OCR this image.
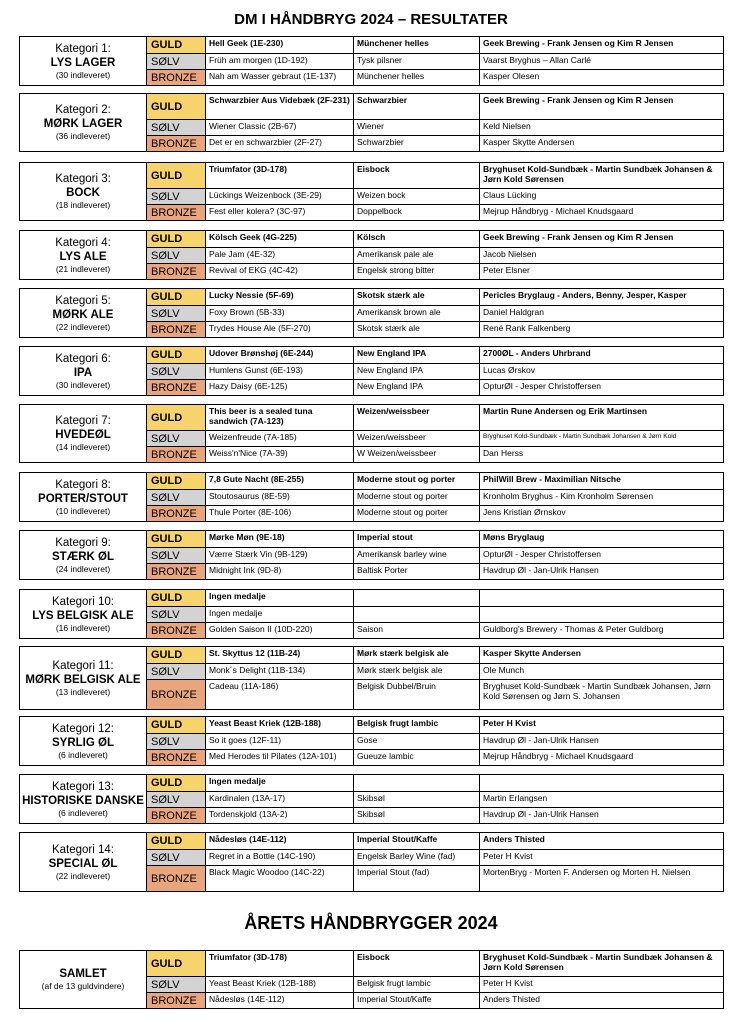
DM I HÅNDBRYG 2024 – RESULTATER
Kategori 1:
LYS LAGER
(30 indleveret)	GULD	Hell Geek (1E-230)	Münchener helles	Geek Brewing - Frank Jensen og Kim R Jensen
	SØLV	Früh am morgen (1D-192)	Tysk pilsner	Vaarst Bryghus – Allan Carlé
	BRONZE	Nah am Wasser gebraut (1E-137)	Münchener helles	Kasper Olesen
Kategori 2:
MØRK LAGER
(36 indleveret)	GULD	Schwarzbier Aus Videbæk (2F-231)	Schwarzbier	Geek Brewing - Frank Jensen og Kim R Jensen
	SØLV	Wiener Classic (2B-67)	Wiener	Keld Nielsen
	BRONZE	Det er en schwarzbier (2F-27)	Schwarzbier	Kasper Skytte Andersen
Kategori 3:
BOCK
(18 indleveret)	GULD	Triumfator (3D-178)	Eisbock	Bryghuset Kold-Sundbæk - Martin Sundbæk Johansen & Jørn Kold Sørensen
	SØLV	Lückings Weizenbock (3E-29)	Weizen bock	Claus Lücking
	BRONZE	Fest eller kolera? (3C-97)	Doppelbock	Mejrup Håndbryg - Michael Knudsgaard
Kategori 4:
LYS ALE
(21 indleveret)	GULD	Kölsch Geek (4G-225)	Kölsch	Geek Brewing - Frank Jensen og Kim R Jensen
	SØLV	Pale Jam (4E-32)	Amerikansk pale ale	Jacob Nielsen
	BRONZE	Revival of EKG (4C-42)	Engelsk strong bitter	Peter Elsner
Kategori 5:
MØRK ALE
(22 indleveret)	GULD	Lucky Nessie (5F-69)	Skotsk stærk ale	Pericles Bryglaug - Anders, Benny, Jesper, Kasper
	SØLV	Foxy Brown (5B-33)	Amerikansk brown ale	Daniel Haldgran
	BRONZE	Trydes House Ale (5F-270)	Skotsk stærk ale	René Rank Falkenberg
Kategori 6:
IPA
(30 indleveret)	GULD	Udover Brønshøj (6E-244)	New England IPA	2700ØL - Anders Uhrbrand
	SØLV	Humlens Gunst (6E-193)	New England IPA	Lucas Ørskov
	BRONZE	Hazy Daisy (6E-125)	New England IPA	OpturØl - Jesper Christoffersen
Kategori 7:
HVEDEØL
(14 indleveret)	GULD	This beer is a sealed tuna sandwich (7A-123)	Weizen/weissbeer	Martin Rune Andersen og Erik Martinsen
	SØLV	Weizenfreude (7A-185)	Weizen/weissbeer	Bryghuset Kold-Sundbæk - Martin Sundbæk Johansen & Jørn Kold
	BRONZE	Weiss'n'Nice (7A-39)	W Weizen/weissbeer	Dan Herss
Kategori 8:
PORTER/STOUT
(10 indleveret)	GULD	7,8 Gute Nacht (8E-255)	Moderne stout og porter	PhilWill Brew - Maximilian Nitsche
	SØLV	Stoutosaurus (8E-59)	Moderne stout og porter	Kronholm Bryghus - Kim Kronholm Sørensen
	BRONZE	Thule Porter (8E-106)	Moderne stout og porter	Jens Kristian Ørnskov
Kategori 9:
STÆRK ØL
(24 indleveret)	GULD	Mørke Møn (9E-18)	Imperial stout	Møns Bryglaug
	SØLV	Værre Stærk Vin (9B-129)	Amerikansk barley wine	OpturØl - Jesper Christoffersen
	BRONZE	Midnight Ink (9D-8)	Baltisk Porter	Havdrup Øl - Jan-Ulrik Hansen
Kategori 10:
LYS BELGISK ALE
(16 indleveret)	GULD	Ingen medalje		
	SØLV	Ingen medalje		
	BRONZE	Golden Saison II (10D-220)	Saison	Guldborg's Brewery - Thomas & Peter Guldborg
Kategori 11:
MØRK BELGISK ALE
(13 indleveret)	GULD	St. Skyttus 12 (11B-24)	Mørk stærk belgisk ale	Kasper Skytte Andersen
	SØLV	Monk´s Delight (11B-134)	Mørk stærk belgisk ale	Ole Munch
	BRONZE	Cadeau (11A-186)	Belgisk Dubbel/Bruin	Bryghuset Kold-Sundbæk - Martin Sundbæk Johansen, Jørn Kold Sørensen og Jørn S. Johansen
Kategori 12:
SYRLIG ØL
(6 indleveret)	GULD	Yeast Beast Kriek (12B-188)	Belgisk frugt lambic	Peter H Kvist
	SØLV	So it goes (12F-11)	Gose	Havdrup Øl - Jan-Ulrik Hansen
	BRONZE	Med Herodes til Pilates (12A-101)	Gueuze lambic	Mejrup Håndbryg - Michael Knudsgaard
Kategori 13:
HISTORISKE DANSKE
(6 indleveret)	GULD	Ingen medalje		
	SØLV	Kardinalen (13A-17)	Skibsøl	Martin Erlangsen
	BRONZE	Tordenskjold (13A-2)	Skibsøl	Havdrup Øl - Jan-Ulrik Hansen
Kategori 14:
SPECIAL ØL
(22 indleveret)	GULD	Nådesløs (14E-112)	Imperial Stout/Kaffe	Anders Thisted
	SØLV	Regret in a Bottle (14C-190)	Engelsk Barley Wine (fad)	Peter H Kvist
	BRONZE	Black Magic Woodoo (14C-22)	Imperial Stout (fad)	MortenBryg - Morten F. Andersen og Morten H. Nielsen
SAMLET
(af de 13 guldvindere)	GULD	Triumfator (3D-178)	Eisbock	Bryghuset Kold-Sundbæk - Martin Sundbæk Johansen & Jørn Kold Sørensen
	SØLV	Yeast Beast Kriek (12B-188)	Belgisk frugt lambic	Peter H Kvist
	BRONZE	Nådesløs (14E-112)	Imperial Stout/Kaffe	Anders Thisted
ÅRETS HÅNDBRYGGER 2024
